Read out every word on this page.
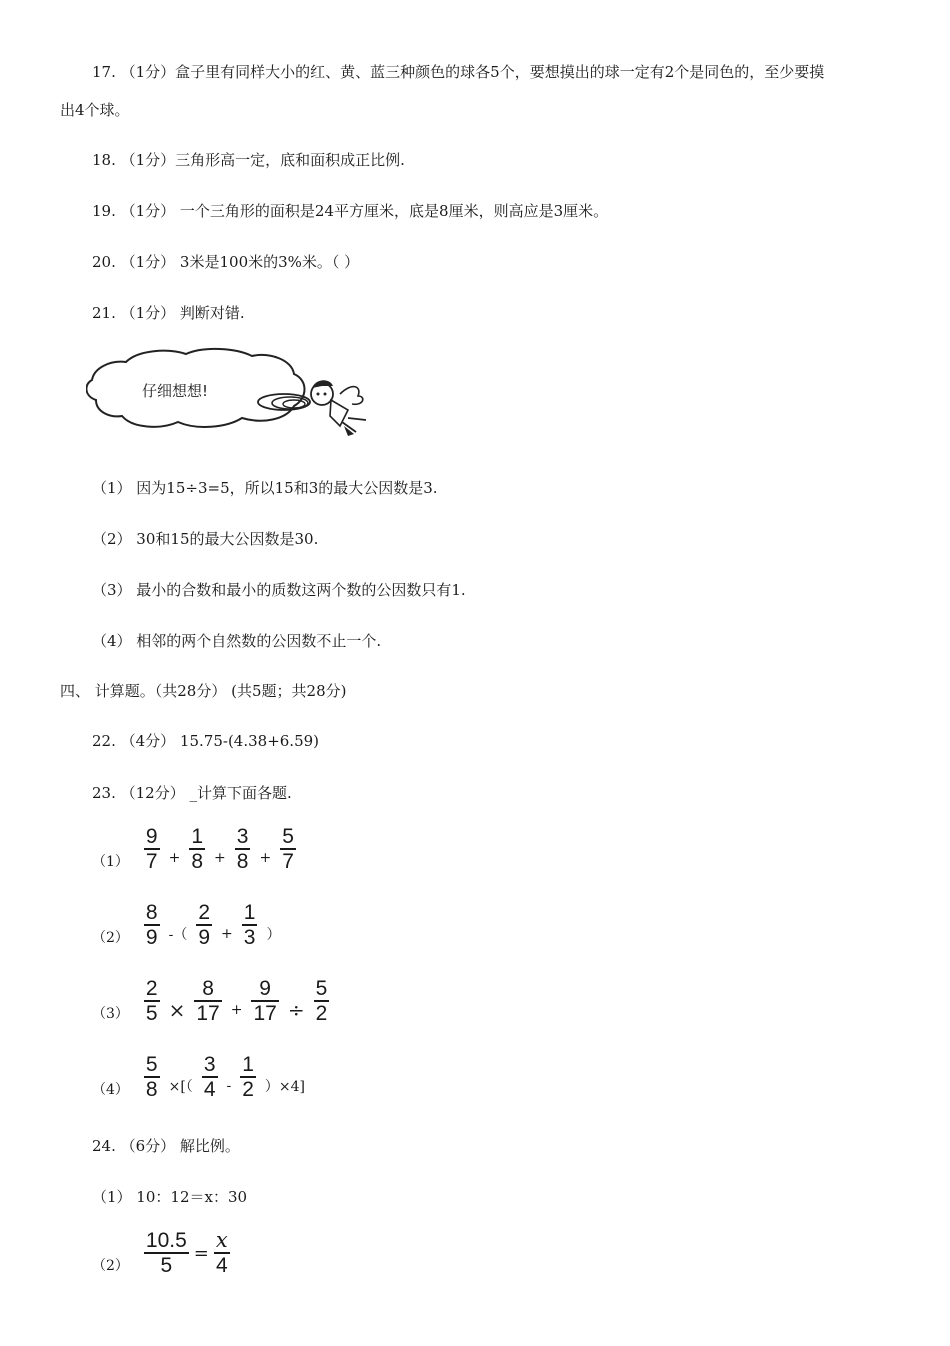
17. （1分）盒子里有同样大小的红、黄、蓝三种颜色的球各5个，要想摸出的球一定有2个是同色的，至少要摸
出4个球。
18. （1分）三角形高一定，底和面积成正比例.
19. （1分） 一个三角形的面积是24平方厘米，底是8厘米，则高应是3厘米。
20. （1分） 3米是100米的3%米。（ ）
21. （1分） 判断对错.
仔细想想!
（1） 因为15÷3=5，所以15和3的最大公因数是3.
（2） 30和15的最大公因数是30.
（3） 最小的合数和最小的质数这两个数的公因数只有1.
（4） 相邻的两个自然数的公因数不止一个.
四、 计算题。（共28分） (共5题；共28分)
22. （4分） 15.75-(4.38+6.59)
23. （12分） _计算下面各题.
$(1) \frac{9}{7} + \frac{1}{8} + \frac{3}{8} + \frac{5}{7}$
$(2) \frac{8}{9}$ -（ $\frac{2}{9} + \frac{1}{3}$ ）
$(3) \frac{2}{5} \times \frac{8}{17} + \frac{9}{17} \div \frac{5}{2}$
$(4) \frac{5}{8}$ ×[（ $\frac{3}{4} - \frac{1}{2} )\times 4$]
24. （6分） 解比例。
（1） 10：12＝x：30
$(2) \frac{10.5}{5} = \frac{x}{4}$
